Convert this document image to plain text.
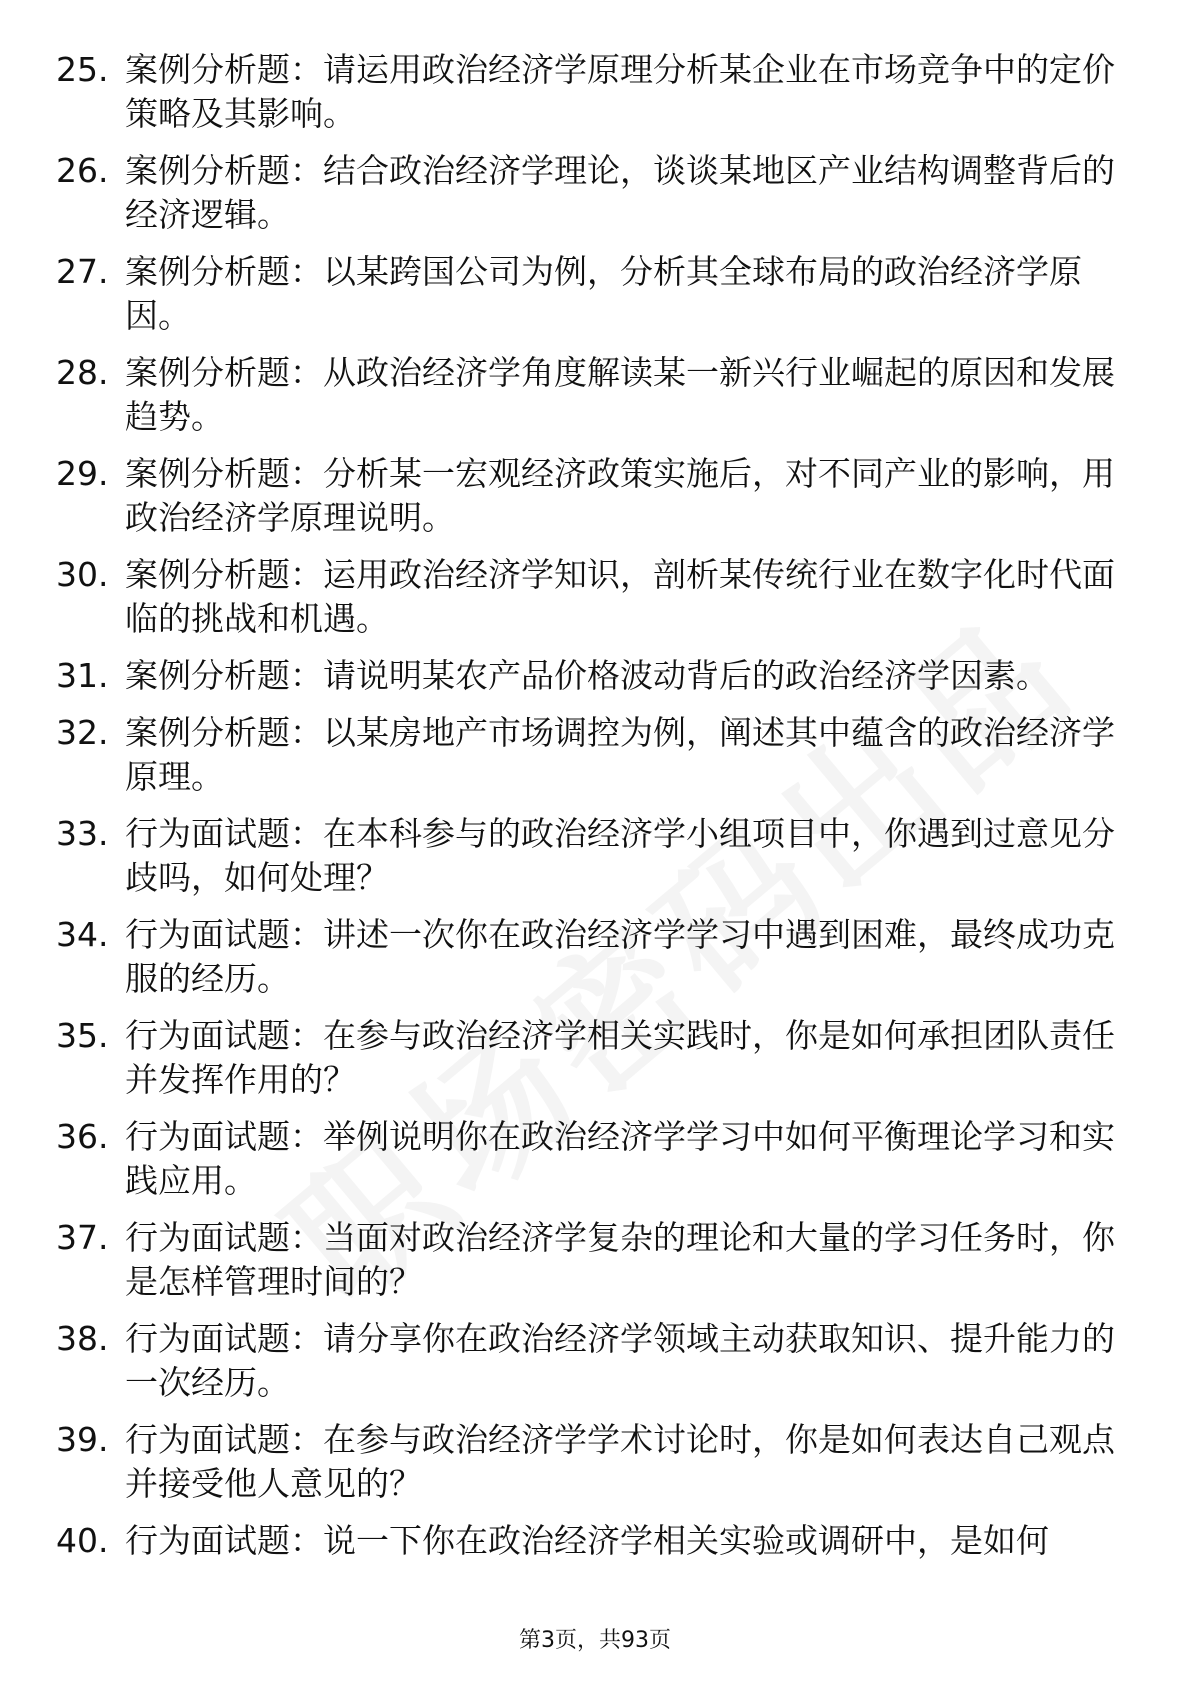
25. 案例分析题：请运用政治经济学原理分析某企业在市场竞争中的定价策略及其影响。
26. 案例分析题：结合政治经济学理论，谈谈某地区产业结构调整背后的经济逻辑。
27. 案例分析题：以某跨国公司为例，分析其全球布局的政治经济学原因。
28. 案例分析题：从政治经济学角度解读某一新兴行业崛起的原因和发展趋势。
29. 案例分析题：分析某一宏观经济政策实施后，对不同产业的影响，用政治经济学原理说明。
30. 案例分析题：运用政治经济学知识，剖析某传统行业在数字化时代面临的挑战和机遇。
31. 案例分析题：请说明某农产品价格波动背后的政治经济学因素。
32. 案例分析题：以某房地产市场调控为例，阐述其中蕴含的政治经济学原理。
33. 行为面试题：在本科参与的政治经济学小组项目中，你遇到过意见分歧吗，如何处理？
34. 行为面试题：讲述一次你在政治经济学学习中遇到困难，最终成功克服的经历。
35. 行为面试题：在参与政治经济学相关实践时，你是如何承担团队责任并发挥作用的？
36. 行为面试题：举例说明你在政治经济学学习中如何平衡理论学习和实践应用。
37. 行为面试题：当面对政治经济学复杂的理论和大量的学习任务时，你是怎样管理时间的？
38. 行为面试题：请分享你在政治经济学领域主动获取知识、提升能力的一次经历。
39. 行为面试题：在参与政治经济学学术讨论时，你是如何表达自己观点并接受他人意见的？
40. 行为面试题：说一下你在政治经济学相关实验或调研中，是如何
第3页，共93页
